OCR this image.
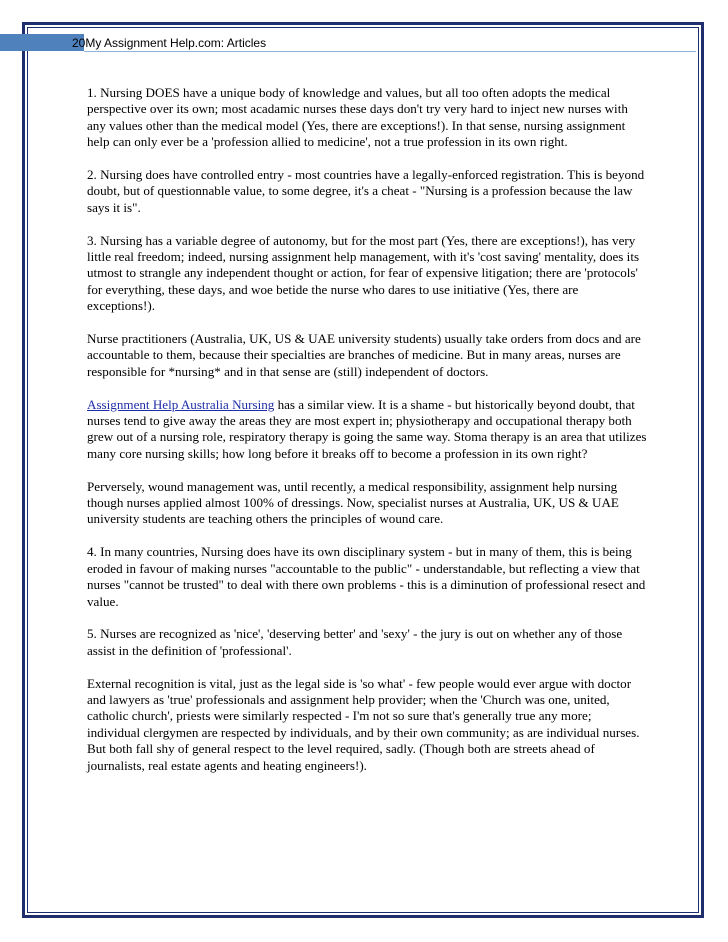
20My Assignment Help.com: Articles

1. Nursing DOES have a unique body of knowledge and values, but all too often adopts the medical perspective over its own; most acadamic nurses these days don't try very hard to inject new nurses with any values other than the medical model (Yes, there are exceptions!). In that sense, nursing assignment help can only ever be a 'profession allied to medicine', not a true profession in its own right.

2. Nursing does have controlled entry - most countries have a legally-enforced registration. This is beyond doubt, but of questionnable value, to some degree, it's a cheat - "Nursing is a profession because the law says it is".

3. Nursing has a variable degree of autonomy, but for the most part (Yes, there are exceptions!), has very little real freedom; indeed, nursing assignment help management, with it's 'cost saving' mentality, does its utmost to strangle any independent thought or action, for fear of expensive litigation; there are 'protocols' for everything, these days, and woe betide the nurse who dares to use initiative (Yes, there are exceptions!).

Nurse practitioners (Australia, UK, US & UAE university students) usually take orders from docs and are accountable to them, because their specialties are branches of medicine. But in many areas, nurses are responsible for *nursing* and in that sense are (still) independent of doctors.

Assignment Help Australia Nursing has a similar view. It is a shame - but historically beyond doubt, that nurses tend to give away the areas they are most expert in; physiotherapy and occupational therapy both grew out of a nursing role, respiratory therapy is going the same way. Stoma therapy is an area that utilizes many core nursing skills; how long before it breaks off to become a profession in its own right?

Perversely, wound management was, until recently, a medical responsibility, assignment help nursing though nurses applied almost 100% of dressings. Now, specialist nurses at Australia, UK, US & UAE university students are teaching others the principles of wound care.

4. In many countries, Nursing does have its own disciplinary system - but in many of them, this is being eroded in favour of making nurses "accountable to the public" - understandable, but reflecting a view that nurses "cannot be trusted" to deal with there own problems - this is a diminution of professional resect and value.

5. Nurses are recognized as 'nice', 'deserving better' and 'sexy' - the jury is out on whether any of those assist in the definition of 'professional'.

External recognition is vital, just as the legal side is 'so what' - few people would ever argue with doctor and lawyers as 'true' professionals and assignment help provider; when the 'Church was one, united, catholic church', priests were similarly respected - I'm not so sure that's generally true any more; individual clergymen are respected by individuals, and by their own community; as are individual nurses. But both fall shy of general respect to the level required, sadly. (Though both are streets ahead of journalists, real estate agents and heating engineers!).
